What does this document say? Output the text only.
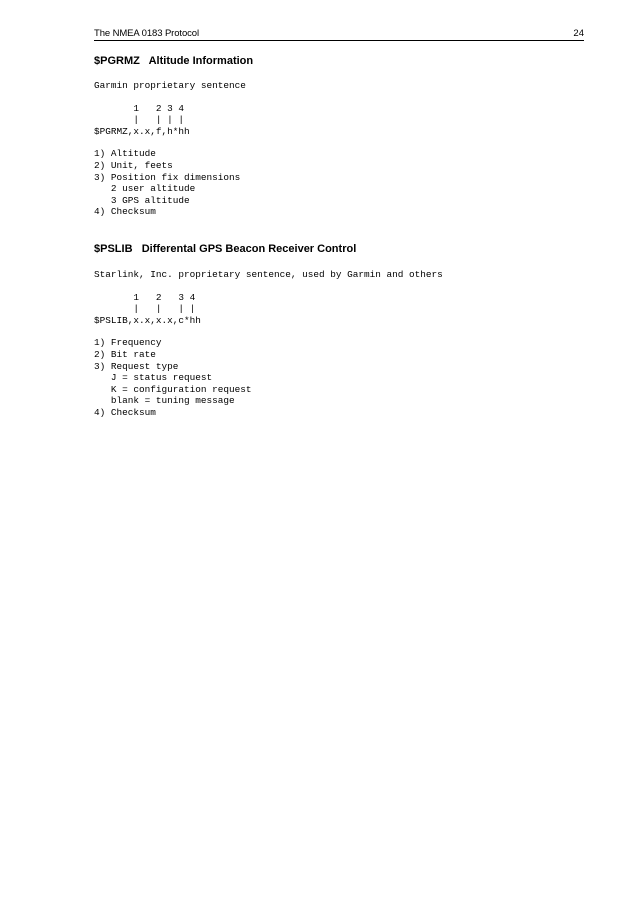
The NMEA 0183 Protocol	24
$PGRMZ Altitude Information
Garmin proprietary sentence
1   2 3 4
|   | | |
$PGRMZ,x.x,f,h*hh
1) Altitude
2) Unit, feets
3) Position fix dimensions
2 user altitude
3 GPS altitude
4) Checksum
$PSLIB Differental GPS Beacon Receiver Control
Starlink, Inc. proprietary sentence, used by Garmin and others
1   2   3 4
|   |   | |
$PSLIB,x.x,x.x,c*hh
1) Frequency
2) Bit rate
3) Request type
J = status request
K = configuration request
blank = tuning message
4) Checksum
